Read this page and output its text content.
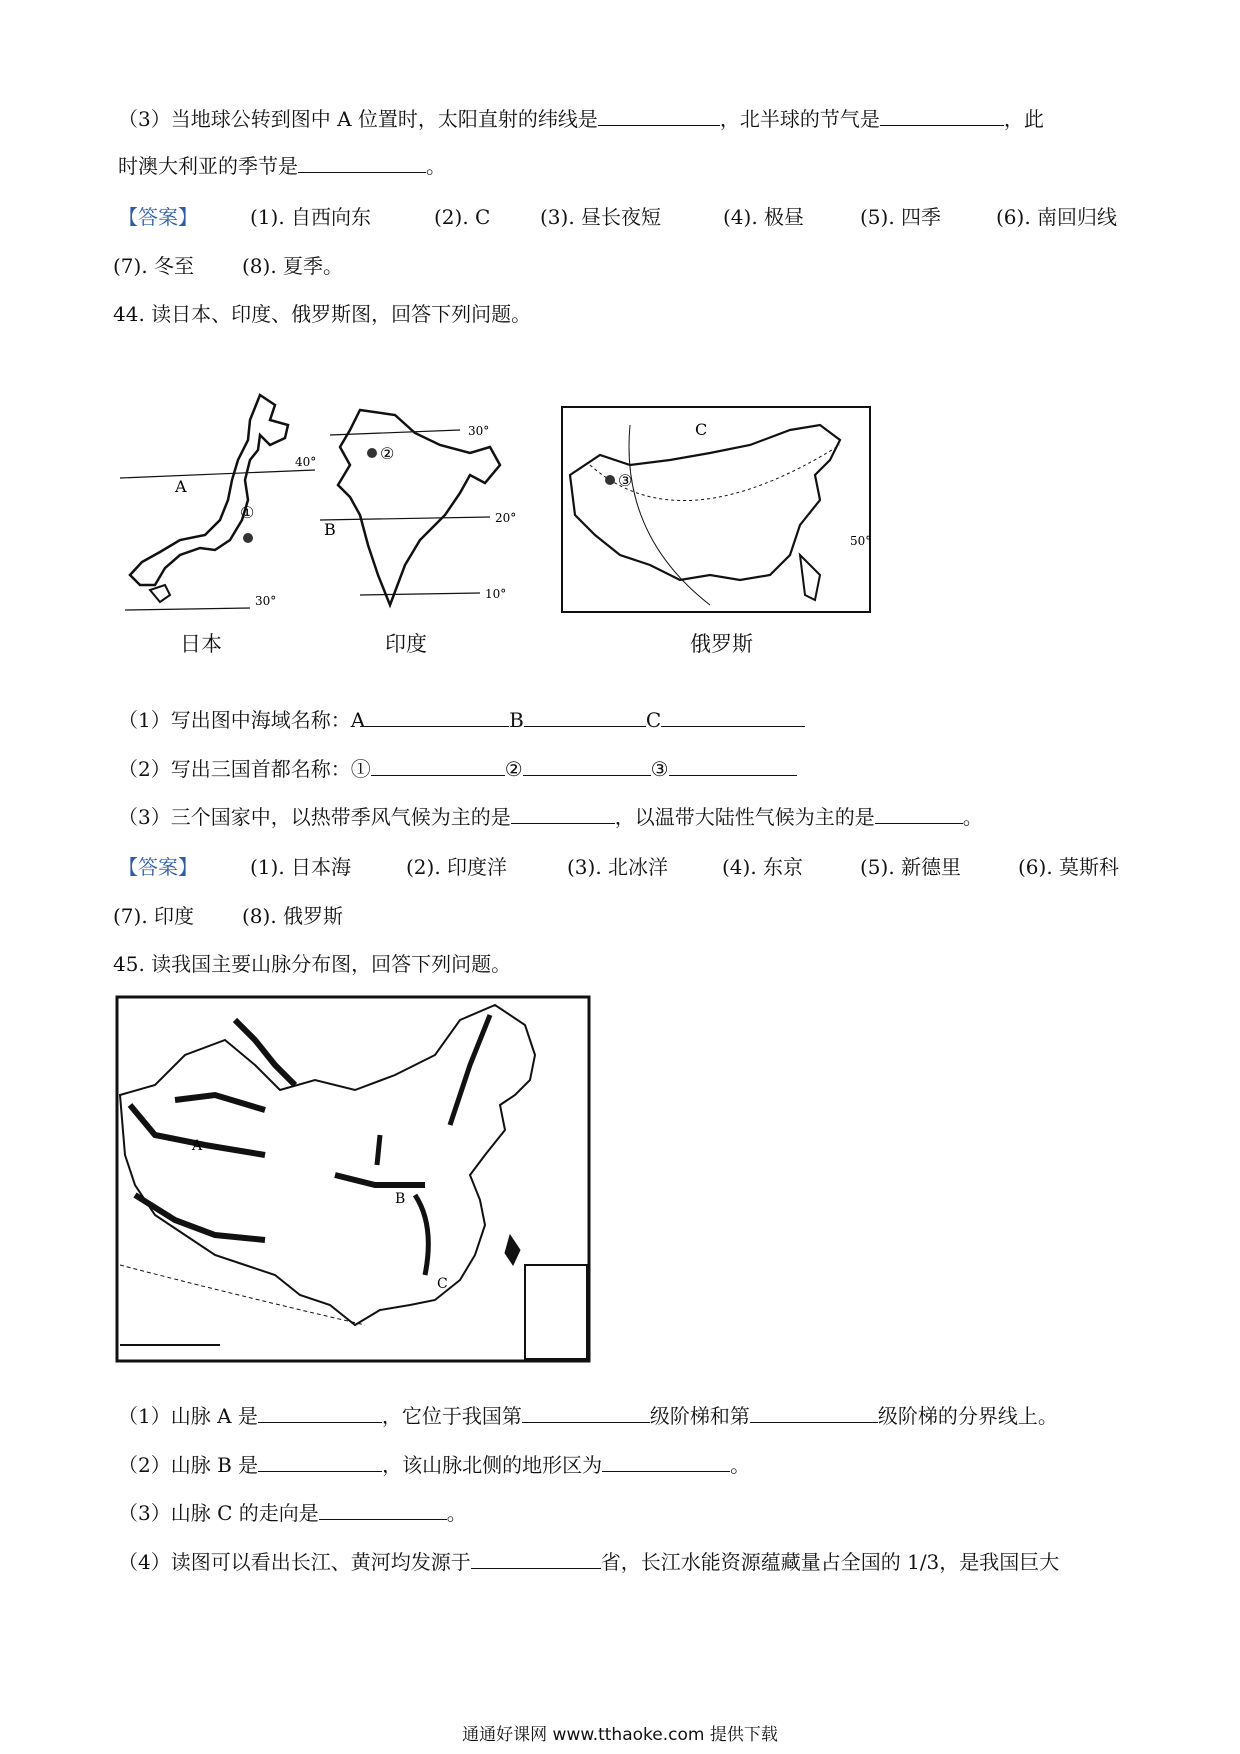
（3）当地球公转到图中 A 位置时，太阳直射的纬线是	，北半球的节气是	，此
时澳大利亚的季节是	。
【答案】	(1). 自西向东	(2). C (3). 昼长夜短	(4). 极昼	(5). 四季	(6). 南回归线
(7). 冬至 (8). 夏季。
44. 读日本、印度、俄罗斯图，回答下列问题。
40°
30°
A
①
30°
20°
10°
B
②
C
③
50°
日本	印度	俄罗斯
（1）写出图中海域名称：A	B	C
（2）写出三国首都名称：①	②	③
（3）三个国家中，以热带季风气候为主的是	，以温带大陆性气候为主的是	。
【答案】	(1). 日本海	(2). 印度洋	(3). 北冰洋	(4). 东京	(5). 新德里	(6). 莫斯科
(7). 印度 (8). 俄罗斯
45. 读我国主要山脉分布图，回答下列问题。
A
B
C
（1）山脉 A 是	，它位于我国第	级阶梯和第	级阶梯的分界线上。
（2）山脉 B 是	，该山脉北侧的地形区为	。
（3）山脉 C 的走向是	。
（4）读图可以看出长江、黄河均发源于	省，长江水能资源蕴藏量占全国的 1/3，是我国巨大
通通好课网 www.tthaoke.com 提供下载
